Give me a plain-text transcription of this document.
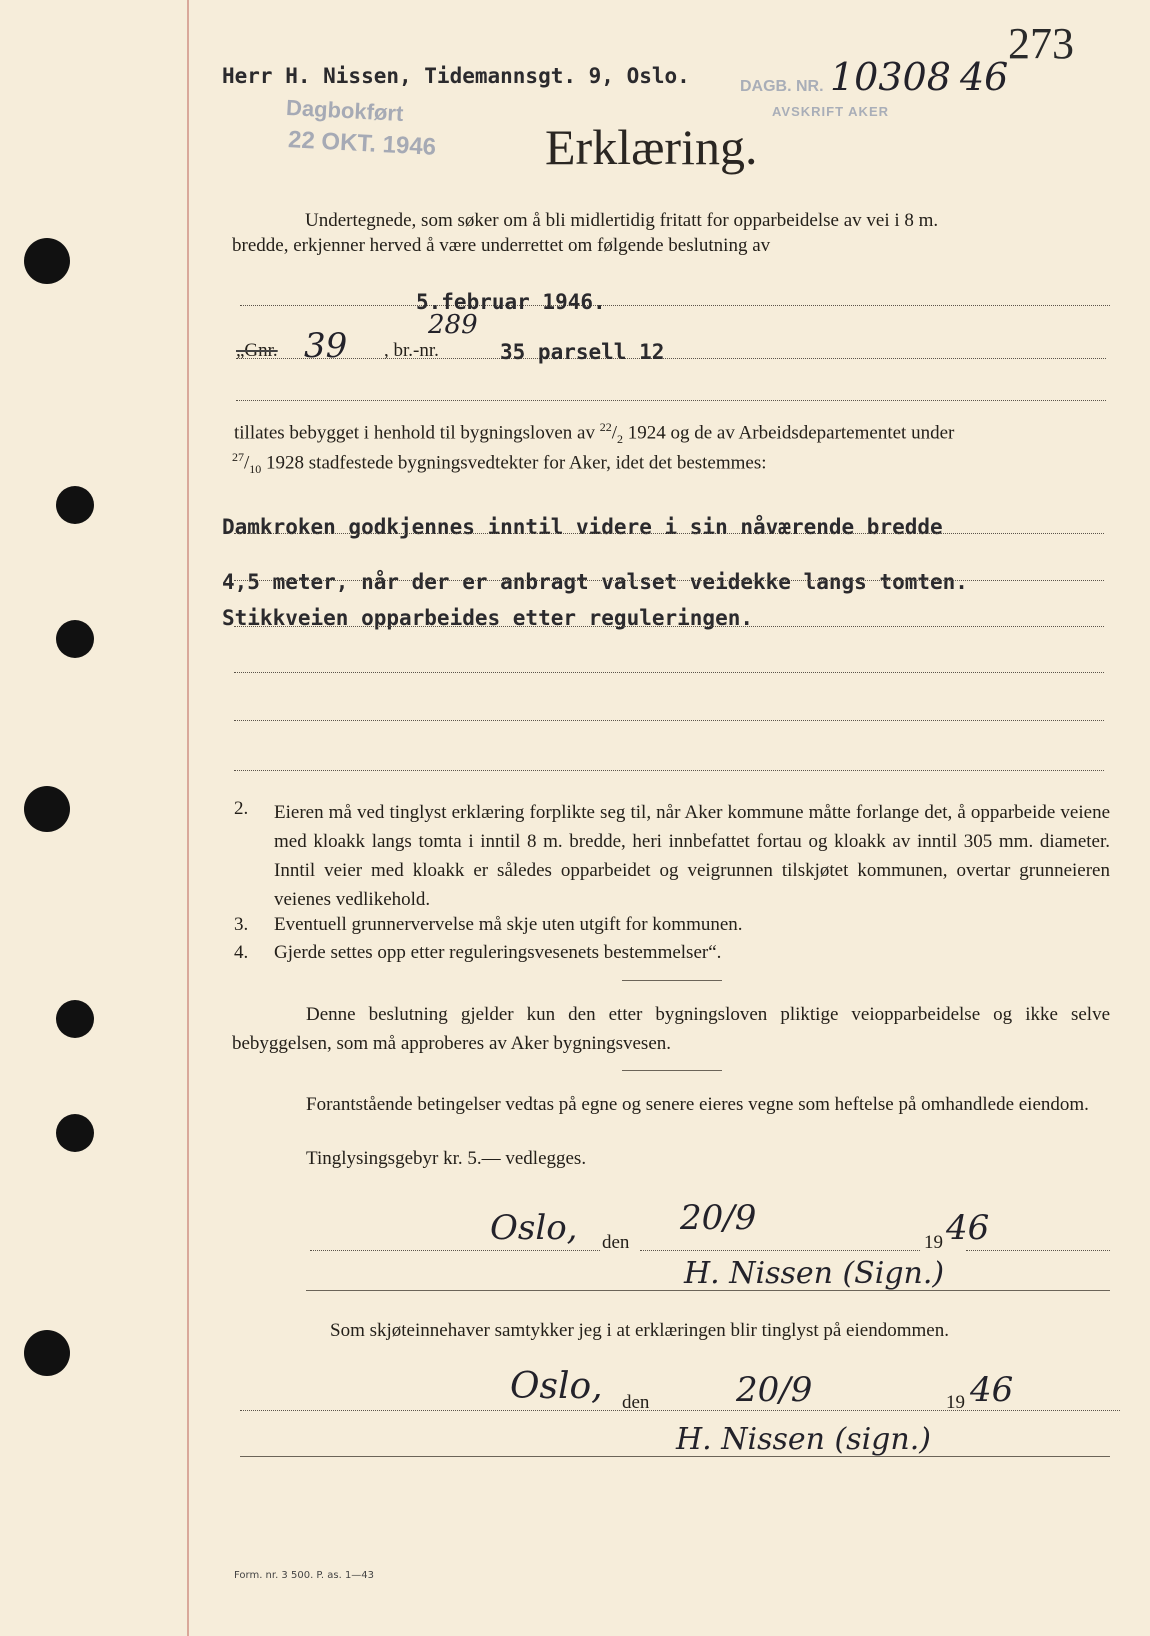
273
Herr H. Nissen, Tidemannsgt. 9, Oslo.	DAGB. NR. 10308 46
AVSKRIFT AKER
Dagbokført
22 OKT. 1946 Erklæring.
Undertegnede, som søker om å bli midlertidig fritatt for opparbeidelse av vei i 8 m.
bredde, erkjenner herved å være underrettet om følgende beslutning av
5.februar 1946.
„Gnr. 39 , br.-nr.
289
35 parsell 12
tillates bebygget i henhold til bygningsloven av $^{22}/_2$ 1924 og de av Arbeidsdepartementet under
$^{27}/_{10}$ 1928 stadfestede bygningsvedtekter for Aker, idet det bestemmes:
Damkroken godkjennes inntil videre i sin nåværende bredde
4,5 meter, når der er anbragt valset veidekke langs tomten.
Stikkveien opparbeides etter reguleringen.
2. Eieren må ved tinglyst erklæring forplikte seg til, når Aker kommune måtte forlange det, å opparbeide veiene med kloakk langs tomta i inntil 8 m. bredde, heri innbefattet fortau og kloakk av inntil 305 mm. diameter. Inntil veier med kloakk er således opparbeidet og veigrunnen tilskjøtet kommunen, overtar grunneieren veienes vedlikehold.
3. Eventuell grunnervervelse må skje uten utgift for kommunen.
4. Gjerde settes opp etter reguleringsvesenets bestemmelser“.
Denne beslutning gjelder kun den etter bygningsloven pliktige veiopparbeidelse og ikke selve bebyggelsen, som må approberes av Aker bygningsvesen.
Forantstående betingelser vedtas på egne og senere eieres vegne som heftelse på omhandlede eiendom.
Tinglysingsgebyr kr. 5.— vedlegges.
Oslo, den
20/9
19 46
H. Nissen (Sign.)
Som skjøteinnehaver samtykker jeg i at erklæringen blir tinglyst på eiendommen.
Oslo, den	20/9	19 46
H. Nissen (sign.)
Form. nr. 3 500. P. as. 1—43
